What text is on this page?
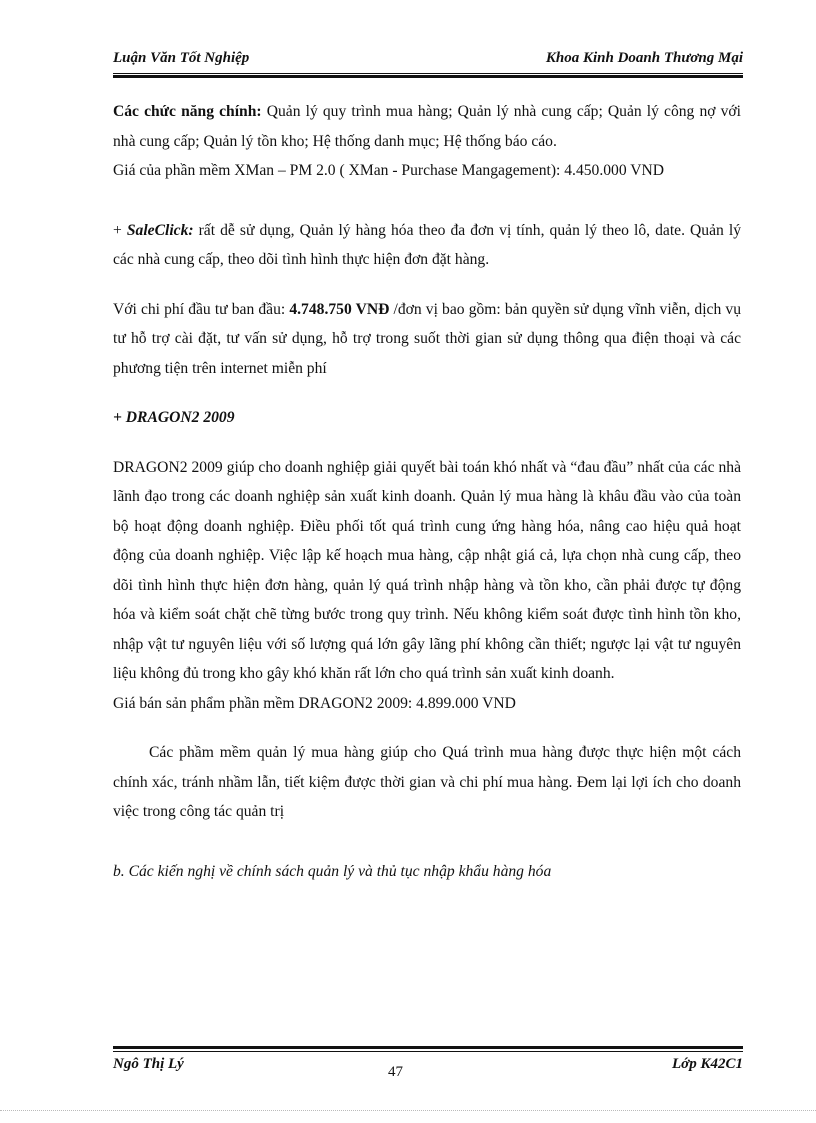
Luận Văn Tốt Nghiệp	Khoa Kinh Doanh Thương Mại

Các chức năng chính: Quản lý quy trình mua hàng; Quản lý nhà cung cấp; Quản lý công nợ với nhà cung cấp; Quản lý tồn kho; Hệ thống danh mục; Hệ thống báo cáo.

Giá của phần mềm XMan – PM 2.0 ( XMan - Purchase Mangagement): 4.450.000 VND

+ SaleClick: rất dễ sử dụng, Quản lý hàng hóa theo đa đơn vị tính, quản lý theo lô, date. Quản lý các nhà cung cấp, theo dõi tình hình thực hiện đơn đặt hàng.

Với chi phí đầu tư ban đầu: 4.748.750 VNĐ /đơn vị bao gồm: bản quyền sử dụng vĩnh viễn, dịch vụ tư hỗ trợ cài đặt, tư vấn sử dụng, hỗ trợ trong suốt thời gian sử dụng thông qua điện thoại và các phương tiện trên internet miễn phí

+ DRAGON2 2009

DRAGON2 2009 giúp cho doanh nghiệp giải quyết bài toán khó nhất và “đau đầu” nhất của các nhà lãnh đạo trong các doanh nghiệp sản xuất kinh doanh. Quản lý mua hàng là khâu đầu vào của toàn bộ hoạt động doanh nghiệp. Điều phối tốt quá trình cung ứng hàng hóa, nâng cao hiệu quả hoạt động của doanh nghiệp. Việc lập kế hoạch mua hàng, cập nhật giá cả, lựa chọn nhà cung cấp, theo dõi tình hình thực hiện đơn hàng, quản lý quá trình nhập hàng và tồn kho, cần phải được tự động hóa và kiểm soát chặt chẽ từng bước trong quy trình. Nếu không kiểm soát được tình hình tồn kho, nhập vật tư nguyên liệu với số lượng quá lớn gây lãng phí không cần thiết; ngược lại vật tư nguyên liệu không đủ trong kho gây khó khăn rất lớn cho quá trình sản xuất kinh doanh.

Giá bán sản phẩm phần mềm DRAGON2 2009: 4.899.000 VND

Các phầm mềm quản lý mua hàng giúp cho Quá trình mua hàng được thực hiện một cách chính xác, tránh nhầm lẫn, tiết kiệm được thời gian và chi phí mua hàng. Đem lại lợi ích cho doanh việc trong công tác quản trị

b. Các kiến nghị về chính sách quản lý và thủ tục nhập khẩu hàng hóa

Ngô Thị Lý	Lớp K42C1
47
